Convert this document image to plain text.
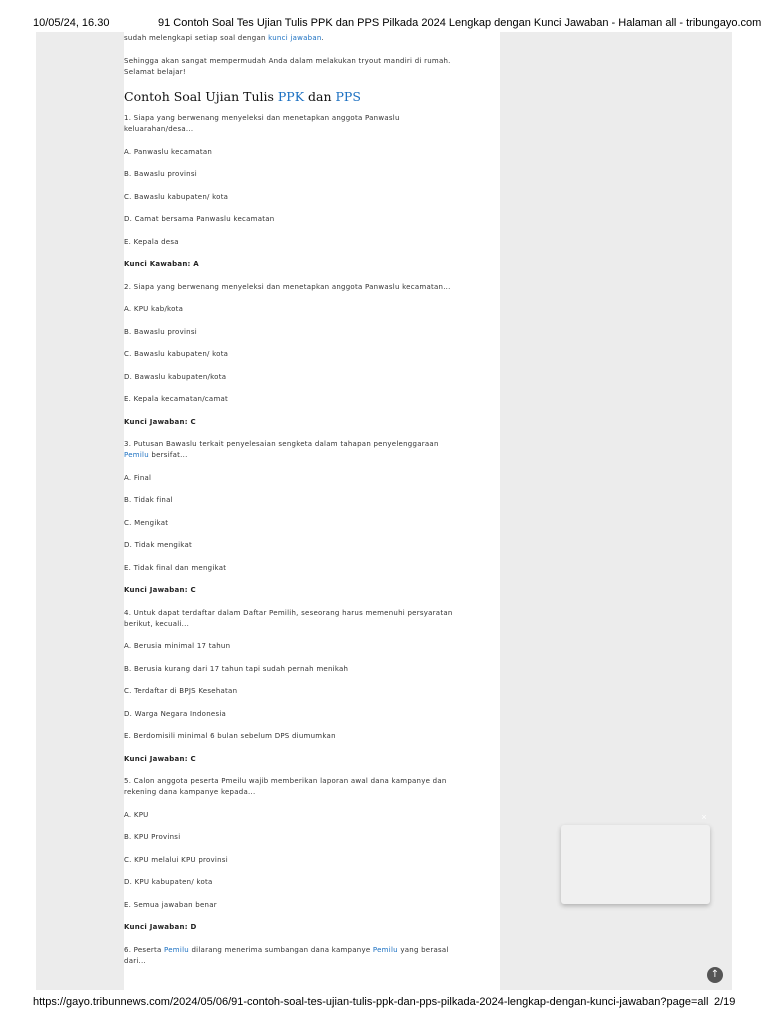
10/05/24, 16.30	91 Contoh Soal Tes Ujian Tulis PPK dan PPS Pilkada 2024 Lengkap dengan Kunci Jawaban - Halaman all - tribungayo.com

sudah melengkapi setiap soal dengan kunci jawaban.

Sehingga akan sangat mempermudah Anda dalam melakukan tryout mandiri di rumah.
Selamat belajar!

Contoh Soal Ujian Tulis PPK dan PPS

1. Siapa yang berwenang menyeleksi dan menetapkan anggota Panwaslu
keluarahan/desa...

A. Panwaslu kecamatan

B. Bawaslu provinsi

C. Bawaslu kabupaten/ kota

D. Camat bersama Panwaslu kecamatan

E. Kepala desa

Kunci Kawaban: A

2. Siapa yang berwenang menyeleksi dan menetapkan anggota Panwaslu kecamatan...

A. KPU kab/kota

B. Bawaslu provinsi

C. Bawaslu kabupaten/ kota

D. Bawaslu kabupaten/kota

E. Kepala kecamatan/camat

Kunci Jawaban: C

3. Putusan Bawaslu terkait penyelesaian sengketa dalam tahapan penyelenggaraan
Pemilu bersifat...

A. Final

B. Tidak final

C. Mengikat

D. Tidak mengikat

E. Tidak final dan mengikat

Kunci Jawaban: C

4. Untuk dapat terdaftar dalam Daftar Pemilih, seseorang harus memenuhi persyaratan
berikut, kecuali...

A. Berusia minimal 17 tahun

B. Berusia kurang dari 17 tahun tapi sudah pernah menikah

C. Terdaftar di BPJS Kesehatan

D. Warga Negara Indonesia

E. Berdomisili minimal 6 bulan sebelum DPS diumumkan

Kunci Jawaban: C

5. Calon anggota peserta Pmeilu wajib memberikan laporan awal dana kampanye dan
rekening dana kampanye kepada...

A. KPU

B. KPU Provinsi

C. KPU melalui KPU provinsi

D. KPU kabupaten/ kota

E. Semua jawaban benar

Kunci Jawaban: D

6. Peserta Pemilu dilarang menerima sumbangan dana kampanye Pemilu yang berasal
dari...

×
↑
https://gayo.tribunnews.com/2024/05/06/91-contoh-soal-tes-ujian-tulis-ppk-dan-pps-pilkada-2024-lengkap-dengan-kunci-jawaban?page=all 2/19
